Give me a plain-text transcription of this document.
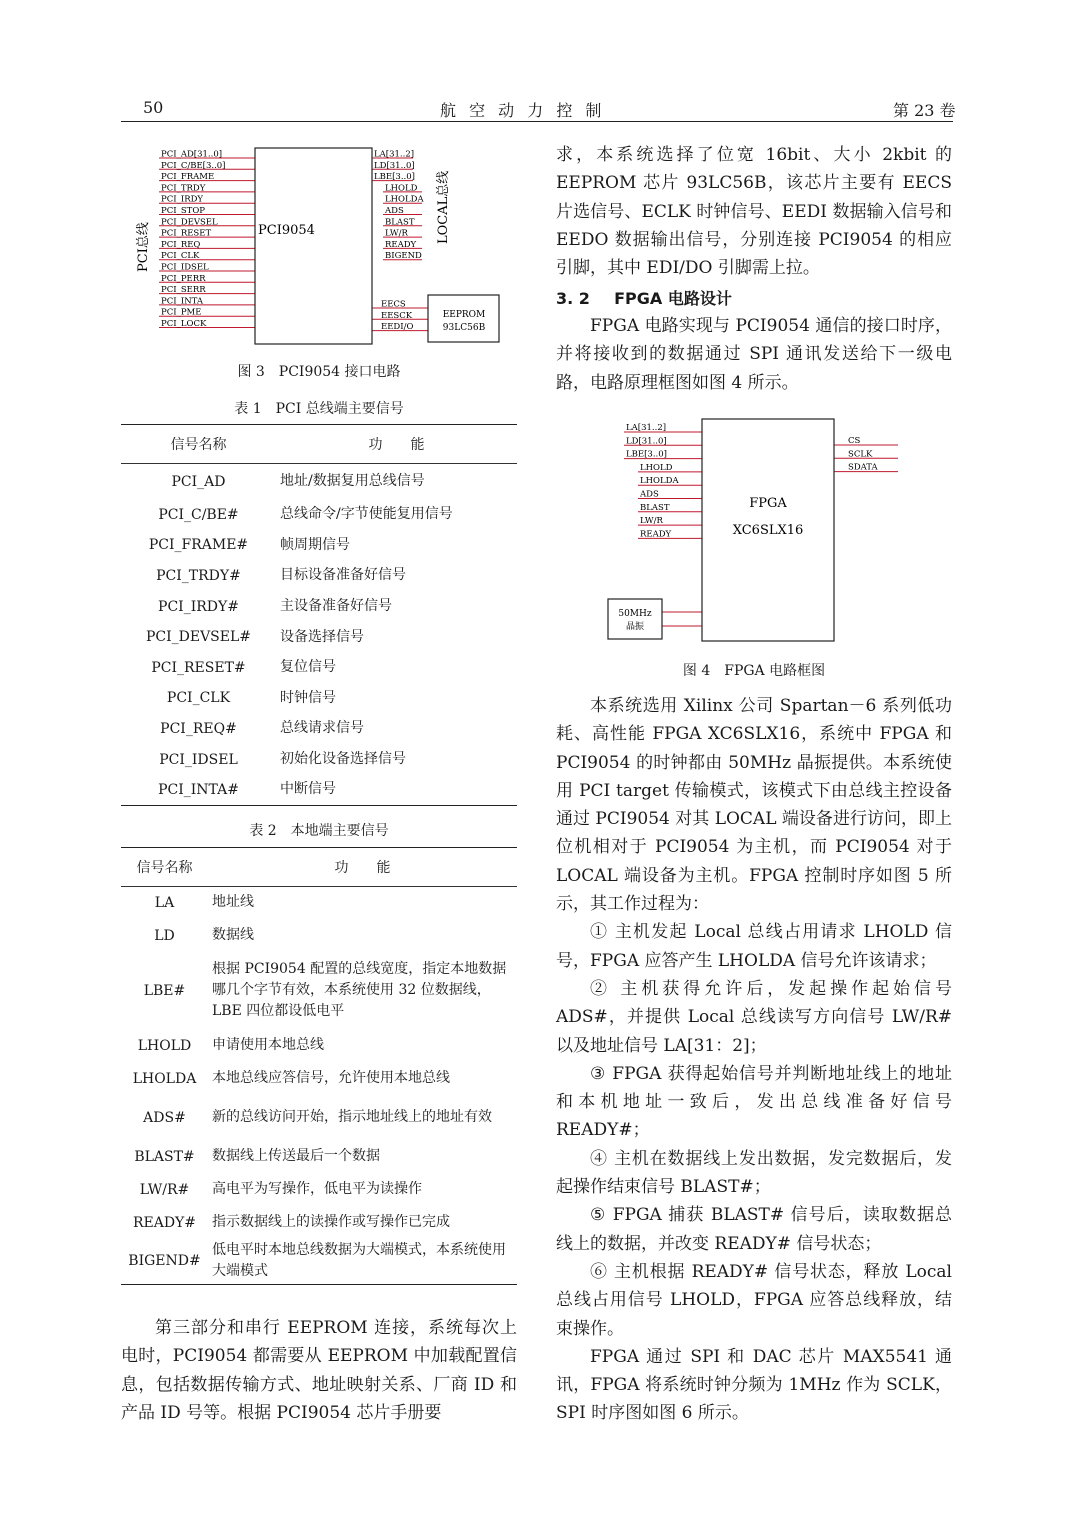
50	航 空 动 力 控 制	第 23 卷
PCI9054
EEPROM
93LC56B
PCI总线
LOCAL总线
PCI_AD[31..0]
PCI_C/BE[3..0]
PCI_FRAME
PCI_TRDY
PCI_IRDY
PCI_STOP
PCI_DEVSEL
PCI_RESET
PCI_REQ
PCI_CLK
PCI_IDSEL
PCI_PERR
PCI_SERR
PCI_INTA
PCI_PME
PCI_LOCK
LA[31..2]
LD[31..0]
LBE[3..0]
LHOLD
LHOLDA
ADS
BLAST
LW/R
READY
BIGEND
EECS
EESCK
EEDI/O
图 3　PCI9054 接口电路
表 1　PCI 总线端主要信号
信号名称	功　　能
PCI_AD	地址/数据复用总线信号
PCI_C/BE#	总线命令/字节使能复用信号
PCI_FRAME#	帧周期信号
PCI_TRDY#	目标设备准备好信号
PCI_IRDY#	主设备准备好信号
PCI_DEVSEL#	设备选择信号
PCI_RESET#	复位信号
PCI_CLK	时钟信号
PCI_REQ#	总线请求信号
PCI_IDSEL	初始化设备选择信号
PCI_INTA#	中断信号
表 2　本地端主要信号
信号名称	功　　能
LA	地址线
LD	数据线
LBE#	根据 PCI9054 配置的总线宽度，指定本地数据哪几个字节有效，本系统使用 32 位数据线，LBE 四位都设低电平
LHOLD	申请使用本地总线
LHOLDA	本地总线应答信号，允许使用本地总线
ADS#	新的总线访问开始，指示地址线上的地址有效
BLAST#	数据线上传送最后一个数据
LW/R#	高电平为写操作，低电平为读操作
READY#	指示数据线上的读操作或写操作已完成
BIGEND#	低电平时本地总线数据为大端模式，本系统使用大端模式

第三部分和串行 EEPROM 连接，系统每次上电时，PCI9054 都需要从 EEPROM 中加载配置信息，包括数据传输方式、地址映射关系、厂商 ID 和产品 ID 号等。根据 PCI9054 芯片手册要

求，本系统选择了位宽 16bit、大小 2kbit 的 EEPROM 芯片 93LC56B，该芯片主要有 EECS 片选信号、ECLK 时钟信号、EEDI 数据输入信号和 EEDO 数据输出信号，分别连接 PCI9054 的相应引脚，其中 EDI/DO 引脚需上拉。

3. 2 FPGA 电路设计

FPGA 电路实现与 PCI9054 通信的接口时序，并将接收到的数据通过 SPI 通讯发送给下一级电路，电路原理框图如图 4 所示。

FPGA
XC6SLX16
50MHz
晶振
LA[31..2]
LD[31..0]
LBE[3..0]
LHOLD
LHOLDA
ADS
BLAST
LW/R
READY
CS
SCLK
SDATA
图 4　FPGA 电路框图

本系统选用 Xilinx 公司 Spartan－6 系列低功耗、高性能 FPGA XC6SLX16，系统中 FPGA 和 PCI9054 的时钟都由 50MHz 晶振提供。本系统使用 PCI target 传输模式，该模式下由总线主控设备通过 PCI9054 对其 LOCAL 端设备进行访问，即上位机相对于 PCI9054 为主机，而 PCI9054 对于 LOCAL 端设备为主机。FPGA 控制时序如图 5 所示，其工作过程为：

① 主机发起 Local 总线占用请求 LHOLD 信号，FPGA 应答产生 LHOLDA 信号允许该请求；

② 主机获得允许后，发起操作起始信号 ADS#，并提供 Local 总线读写方向信号 LW/R# 以及地址信号 LA[31：2]；

③ FPGA 获得起始信号并判断地址线上的地址和本机地址一致后，发出总线准备好信号 READY#；

④ 主机在数据线上发出数据，发完数据后，发起操作结束信号 BLAST#；

⑤ FPGA 捕获 BLAST# 信号后，读取数据总线上的数据，并改变 READY# 信号状态；

⑥ 主机根据 READY# 信号状态，释放 Local 总线占用信号 LHOLD，FPGA 应答总线释放，结束操作。

FPGA 通过 SPI 和 DAC 芯片 MAX5541 通讯，FPGA 将系统时钟分频为 1MHz 作为 SCLK，SPI 时序图如图 6 所示。
